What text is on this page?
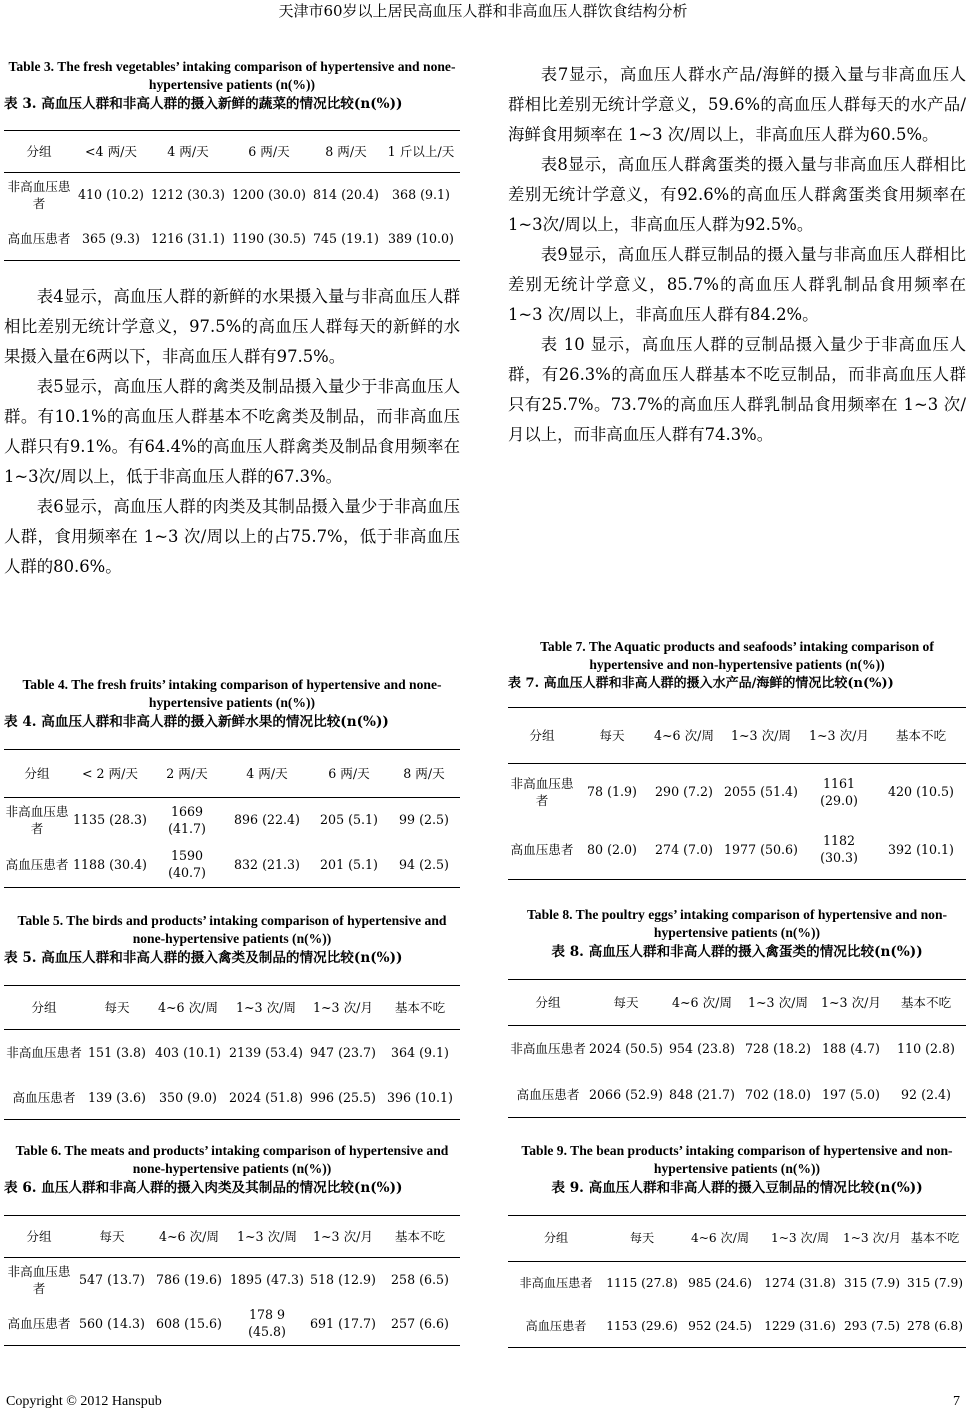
天津市60岁以上居民高血压人群和非高血压人群饮食结构分析
Table 3. The fresh vegetables’ intaking comparison of hypertensive and none-hypertensive patients (n(%))
表 3. 高血压人群和非高人群的摄入新鲜的蔬菜的情况比较(n(%))
分组	<4 两/天	4 两/天	6 两/天	8 两/天	1 斤以上/天
非高血压患者	410 (10.2)	1212 (30.3)	1200 (30.0)	814 (20.4)	368 (9.1)
高血压患者	365 (9.3)	1216 (31.1)	1190 (30.5)	745 (19.1)	389 (10.0)

表4显示，高血压人群的新鲜的水果摄入量与非高血压人群相比差别无统计学意义，97.5%的高血压人群每天的新鲜的水果摄入量在6两以下，非高血压人群有97.5%。

表5显示，高血压人群的禽类及制品摄入量少于非高血压人群。有10.1%的高血压人群基本不吃禽类及制品，而非高血压人群只有9.1%。有64.4%的高血压人群禽类及制品食用频率在1~3次/周以上，低于非高血压人群的67.3%。

表6显示，高血压人群的肉类及其制品摄入量少于非高血压人群，食用频率在 1~3 次/周以上的占75.7%，低于非高血压人群的80.6%。

Table 4. The fresh fruits’ intaking comparison of hypertensive and none-hypertensive patients (n(%))
表 4. 高血压人群和非高人群的摄入新鲜水果的情况比较(n(%))
分组	< 2 两/天	2 两/天	4 两/天	6 两/天	8 两/天
非高血压患者	1135 (28.3)	1669 (41.7)	896 (22.4)	205 (5.1)	99 (2.5)
高血压患者	1188 (30.4)	1590 (40.7)	832 (21.3)	201 (5.1)	94 (2.5)
Table 5. The birds and products’ intaking comparison of hypertensive and none-hypertensive patients (n(%))
表 5. 高血压人群和非高人群的摄入禽类及制品的情况比较(n(%))
分组	每天	4~6 次/周	1~3 次/周	1~3 次/月	基本不吃
非高血压患者	151 (3.8)	403 (10.1)	2139 (53.4)	947 (23.7)	364 (9.1)
高血压患者	139 (3.6)	350 (9.0)	2024 (51.8)	996 (25.5)	396 (10.1)
Table 6. The meats and products’ intaking comparison of hypertensive and none-hypertensive patients (n(%))
表 6. 血压人群和非高人群的摄入肉类及其制品的情况比较(n(%))
分组	每天	4~6 次/周	1~3 次/周	1~3 次/月	基本不吃
非高血压患者	547 (13.7)	786 (19.6)	1895 (47.3)	518 (12.9)	258 (6.5)
高血压患者	560 (14.3)	608 (15.6)	178 9 (45.8)	691 (17.7)	257 (6.6)

表7显示，高血压人群水产品/海鲜的摄入量与非高血压人群相比差别无统计学意义，59.6%的高血压人群每天的水产品/海鲜食用频率在 1~3 次/周以上，非高血压人群为60.5%。

表8显示，高血压人群禽蛋类的摄入量与非高血压人群相比差别无统计学意义，有92.6%的高血压人群禽蛋类食用频率在1~3次/周以上，非高血压人群为92.5%。

表9显示，高血压人群豆制品的摄入量与非高血压人群相比差别无统计学意义，85.7%的高血压人群乳制品食用频率在 1~3 次/周以上，非高血压人群有84.2%。

表 10 显示，高血压人群的豆制品摄入量少于非高血压人群，有26.3%的高血压人群基本不吃豆制品，而非高血压人群只有25.7%。73.7%的高血压人群乳制品食用频率在 1~3 次/月以上，而非高血压人群有74.3%。

Table 7. The Aquatic products and seafoods’ intaking comparison of hypertensive and non-hypertensive patients (n(%))
表 7. 高血压人群和非高人群的摄入水产品/海鲜的情况比较(n(%))
分组	每天	4~6 次/周	1~3 次/周	1~3 次/月	基本不吃
非高血压患者	78 (1.9)	290 (7.2)	2055 (51.4)	1161 (29.0)	420 (10.5)
高血压患者	80 (2.0)	274 (7.0)	1977 (50.6)	1182 (30.3)	392 (10.1)
Table 8. The poultry eggs’ intaking comparison of hypertensive and non-hypertensive patients (n(%))
表 8. 高血压人群和非高人群的摄入禽蛋类的情况比较(n(%))
分组	每天	4~6 次/周	1~3 次/周	1~3 次/月	基本不吃
非高血压患者	2024 (50.5)	954 (23.8)	728 (18.2)	188 (4.7)	110 (2.8)
高血压患者	2066 (52.9)	848 (21.7)	702 (18.0)	197 (5.0)	92 (2.4)
Table 9. The bean products’ intaking comparison of hypertensive and non-hypertensive patients (n(%))
表 9. 高血压人群和非高人群的摄入豆制品的情况比较(n(%))
分组	每天	4~6 次/周	1~3 次/周	1~3 次/月	基本不吃
非高血压患者	1115 (27.8)	985 (24.6)	1274 (31.8)	315 (7.9)	315 (7.9)
高血压患者	1153 (29.6)	952 (24.5)	1229 (31.6)	293 (7.5)	278 (6.8)
Copyright © 2012 Hanspub	7
